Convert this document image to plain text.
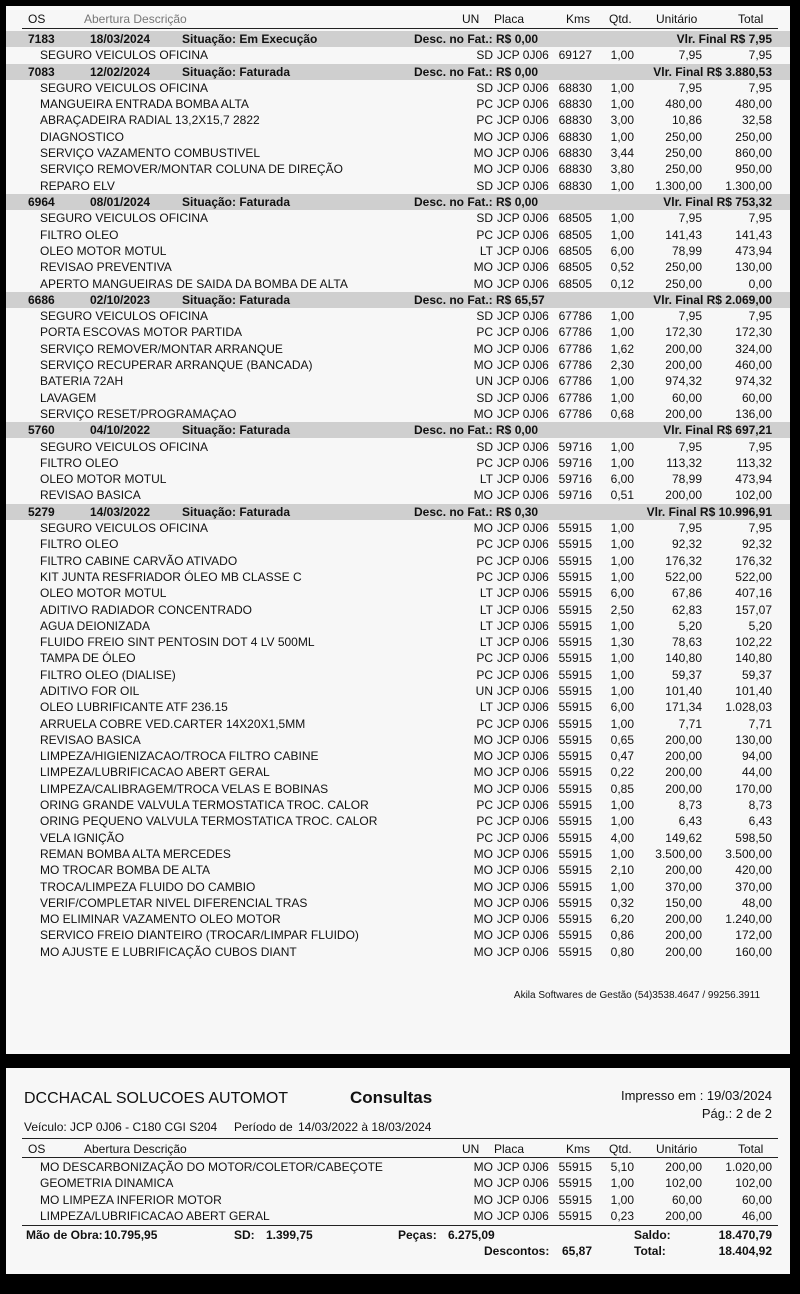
OS	Abertura Descrição	UN Placa	Kms Qtd. Unitário	Total
7183	18/03/2024	Situação: Em Execução	Desc. no Fat.: R$ 0,00	Vlr. Final R$ 7,95
SEGURO VEICULOS OFICINA	SD JCP 0J06 69127	1,00	7,95	7,95
7083	12/02/2024	Situação: Faturada	Desc. no Fat.: R$ 0,00	Vlr. Final R$ 3.880,53
SEGURO VEICULOS OFICINA	SD JCP 0J06 68830	1,00	7,95	7,95
MANGUEIRA ENTRADA BOMBA ALTA	PC JCP 0J06 68830	1,00	480,00	480,00
ABRAÇADEIRA RADIAL 13,2X15,7 2822	PC JCP 0J06 68830	3,00	10,86	32,58
DIAGNOSTICO	MO JCP 0J06 68830	1,00	250,00	250,00
SERVIÇO VAZAMENTO COMBUSTIVEL	MO JCP 0J06 68830	3,44	250,00	860,00
SERVIÇO REMOVER/MONTAR COLUNA DE DIREÇÃO	MO JCP 0J06 68830	3,80	250,00	950,00
REPARO ELV	SD JCP 0J06 68830	1,00	1.300,00	1.300,00
6964	08/01/2024	Situação: Faturada	Desc. no Fat.: R$ 0,00	Vlr. Final R$ 753,32
SEGURO VEICULOS OFICINA	SD JCP 0J06 68505	1,00	7,95	7,95
FILTRO OLEO	PC JCP 0J06 68505	1,00	141,43	141,43
OLEO MOTOR MOTUL	LT JCP 0J06 68505	6,00	78,99	473,94
REVISAO PREVENTIVA	MO JCP 0J06 68505	0,52	250,00	130,00
APERTO MANGUEIRAS DE SAIDA DA BOMBA DE ALTA	MO JCP 0J06 68505	0,12	250,00	0,00
6686	02/10/2023	Situação: Faturada	Desc. no Fat.: R$ 65,57	Vlr. Final R$ 2.069,00
SEGURO VEICULOS OFICINA	SD JCP 0J06 67786	1,00	7,95	7,95
PORTA ESCOVAS MOTOR PARTIDA	PC JCP 0J06 67786	1,00	172,30	172,30
SERVIÇO REMOVER/MONTAR ARRANQUE	MO JCP 0J06 67786	1,62	200,00	324,00
SERVIÇO RECUPERAR ARRANQUE (BANCADA)	MO JCP 0J06 67786	2,30	200,00	460,00
BATERIA 72AH	UN JCP 0J06 67786	1,00	974,32	974,32
LAVAGEM	SD JCP 0J06 67786	1,00	60,00	60,00
SERVIÇO RESET/PROGRAMAÇAO	MO JCP 0J06 67786	0,68	200,00	136,00
5760	04/10/2022	Situação: Faturada	Desc. no Fat.: R$ 0,00	Vlr. Final R$ 697,21
SEGURO VEICULOS OFICINA	SD JCP 0J06 59716	1,00	7,95	7,95
FILTRO OLEO	PC JCP 0J06 59716	1,00	113,32	113,32
OLEO MOTOR MOTUL	LT JCP 0J06 59716	6,00	78,99	473,94
REVISAO BASICA	MO JCP 0J06 59716	0,51	200,00	102,00
5279	14/03/2022	Situação: Faturada	Desc. no Fat.: R$ 0,30	Vlr. Final R$ 10.996,91
SEGURO VEICULOS OFICINA	MO JCP 0J06 55915	1,00	7,95	7,95
FILTRO OLEO	PC JCP 0J06 55915	1,00	92,32	92,32
FILTRO CABINE CARVÃO ATIVADO	PC JCP 0J06 55915	1,00	176,32	176,32
KIT JUNTA RESFRIADOR ÓLEO MB CLASSE C	PC JCP 0J06 55915	1,00	522,00	522,00
OLEO MOTOR MOTUL	LT JCP 0J06 55915	6,00	67,86	407,16
ADITIVO RADIADOR CONCENTRADO	LT JCP 0J06 55915	2,50	62,83	157,07
AGUA DEIONIZADA	LT JCP 0J06 55915	1,00	5,20	5,20
FLUIDO FREIO SINT PENTOSIN DOT 4 LV 500ML	LT JCP 0J06 55915	1,30	78,63	102,22
TAMPA DE ÓLEO	PC JCP 0J06 55915	1,00	140,80	140,80
FILTRO OLEO (DIALISE)	PC JCP 0J06 55915	1,00	59,37	59,37
ADITIVO FOR OIL	UN JCP 0J06 55915	1,00	101,40	101,40
OLEO LUBRIFICANTE ATF 236.15	LT JCP 0J06 55915	6,00	171,34	1.028,03
ARRUELA COBRE VED.CARTER 14X20X1,5MM	PC JCP 0J06 55915	1,00	7,71	7,71
REVISAO BASICA	MO JCP 0J06 55915	0,65	200,00	130,00
LIMPEZA/HIGIENIZACAO/TROCA FILTRO CABINE	MO JCP 0J06 55915	0,47	200,00	94,00
LIMPEZA/LUBRIFICACAO ABERT GERAL	MO JCP 0J06 55915	0,22	200,00	44,00
LIMPEZA/CALIBRAGEM/TROCA VELAS E BOBINAS	MO JCP 0J06 55915	0,85	200,00	170,00
ORING GRANDE VALVULA TERMOSTATICA TROC. CALOR	PC JCP 0J06 55915	1,00	8,73	8,73
ORING PEQUENO VALVULA TERMOSTATICA TROC. CALOR	PC JCP 0J06 55915	1,00	6,43	6,43
VELA IGNIÇÃO	PC JCP 0J06 55915	4,00	149,62	598,50
REMAN BOMBA ALTA MERCEDES	MO JCP 0J06 55915	1,00	3.500,00	3.500,00
MO TROCAR BOMBA DE ALTA	MO JCP 0J06 55915	2,10	200,00	420,00
TROCA/LIMPEZA FLUIDO DO CAMBIO	MO JCP 0J06 55915	1,00	370,00	370,00
VERIF/COMPLETAR NIVEL DIFERENCIAL TRAS	MO JCP 0J06 55915	0,32	150,00	48,00
MO ELIMINAR VAZAMENTO OLEO MOTOR	MO JCP 0J06 55915	6,20	200,00	1.240,00
SERVICO FREIO DIANTEIRO (TROCAR/LIMPAR FLUIDO)	MO JCP 0J06 55915	0,86	200,00	172,00
MO AJUSTE E LUBRIFICAÇÃO CUBOS DIANT	MO JCP 0J06 55915	0,80	200,00	160,00
Akila Softwares de Gestão (54)3538.4647 / 99256.3911
DCCHACAL SOLUCOES AUTOMOT	Consultas	Impresso em : 19/03/2024
Pág.: 2 de 2
Veículo: JCP 0J06 - C180 CGI S204 Período de 14/03/2022 à 18/03/2024
OS	Abertura Descrição	UN Placa	Kms Qtd. Unitário	Total
MO DESCARBONIZAÇÃO DO MOTOR/COLETOR/CABEÇOTE	MO JCP 0J06 55915	5,10	200,00	1.020,00
GEOMETRIA DINAMICA	MO JCP 0J06 55915	1,00	102,00	102,00
MO LIMPEZA INFERIOR MOTOR	MO JCP 0J06 55915	1,00	60,00	60,00
LIMPEZA/LUBRIFICACAO ABERT GERAL	MO JCP 0J06 55915	0,23	200,00	46,00
Mão de Obra: 10.795,95	SD: 1.399,75	Peças: 6.275,09	Saldo:	18.470,79
Descontos: 65,87	Total:	18.404,92
